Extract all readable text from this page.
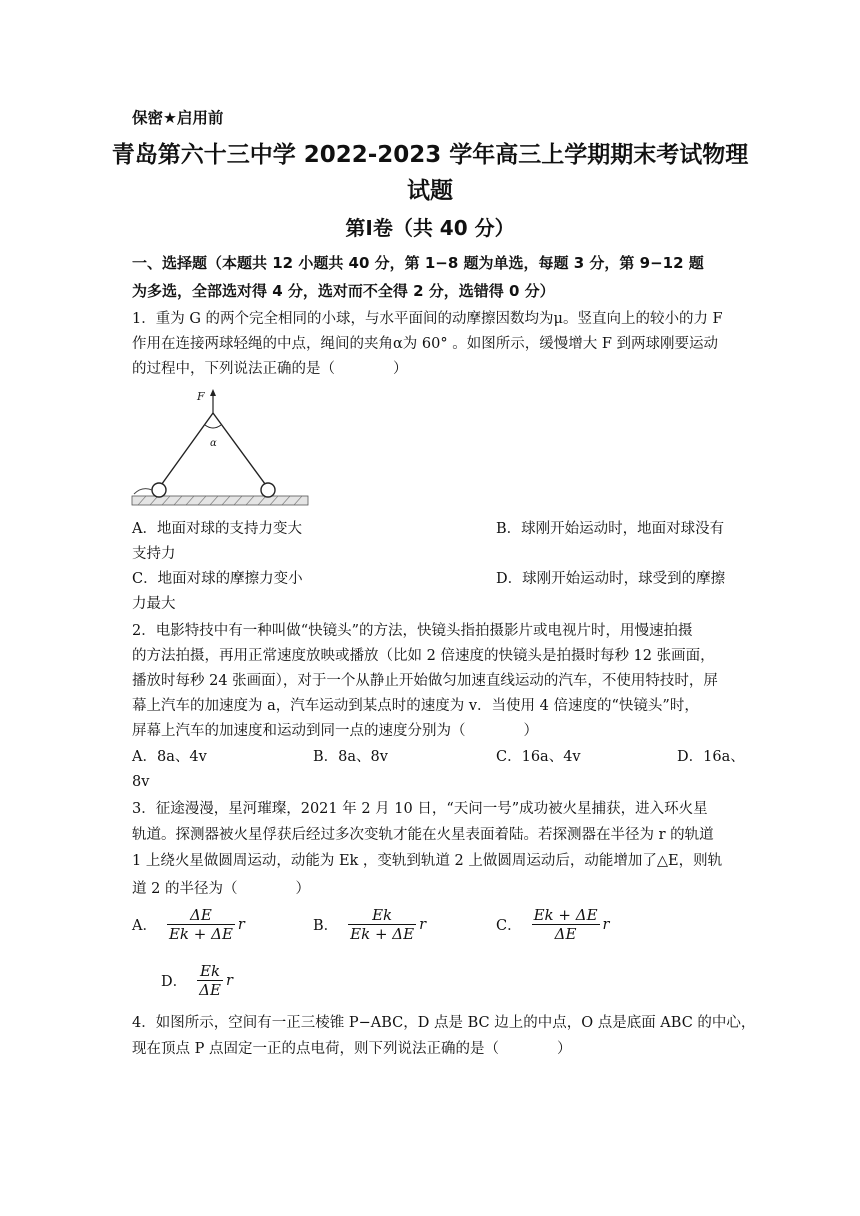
保密★启用前
青岛第六十三中学 2022-2023 学年高三上学期期末考试物理
试题
第Ⅰ卷（共 40 分）
一、选择题（本题共 12 小题共 40 分，第 1−8 题为单选，每题 3 分，第 9−12 题
为多选，全部选对得 4 分，选对而不全得 2 分，选错得 0 分）
1．重为 G 的两个完全相同的小球，与水平面间的动摩擦因数均为μ。竖直向上的较小的力 F
作用在连接两球轻绳的中点，绳间的夹角α为 60° 。如图所示，缓慢增大 F 到两球刚要运动
的过程中，下列说法正确的是（　　　　）
F
α
A．地面对球的支持力变大	B．球刚开始运动时，地面对球没有
支持力
C．地面对球的摩擦力变小	D．球刚开始运动时，球受到的摩擦
力最大
2．电影特技中有一种叫做“快镜头”的方法，快镜头指拍摄影片或电视片时，用慢速拍摄
的方法拍摄，再用正常速度放映或播放（比如 2 倍速度的快镜头是拍摄时每秒 12 张画面，
播放时每秒 24 张画面），对于一个从静止开始做匀加速直线运动的汽车，不使用特技时，屏
幕上汽车的加速度为 a，汽车运动到某点时的速度为 v．当使用 4 倍速度的“快镜头”时，
屏幕上汽车的加速度和运动到同一点的速度分别为（　　　　）
A．8a、4v	B．8a、8v	C．16a、4v	D．16a、
8v
3．征途漫漫，星河璀璨，2021 年 2 月 10 日，“天问一号”成功被火星捕获，进入环火星
轨道。探测器被火星俘获后经过多次变轨才能在火星表面着陆。若探测器在半径为 r 的轨道
1 上绕火星做圆周运动，动能为 Ek ，变轨到轨道 2 上做圆周运动后，动能增加了△E，则轨
道 2 的半径为（　　　　）
A． $\frac{\Delta E}{Ek + \Delta E}$ r	B． $\frac{Ek}{Ek + \Delta E}$ r	C． $\frac{Ek + \Delta E}{\Delta E}$ r
D． $\frac{Ek}{\Delta E}$ r
4．如图所示，空间有一正三棱锥 P−ABC，D 点是 BC 边上的中点，O 点是底面 ABC 的中心，
现在顶点 P 点固定一正的点电荷，则下列说法正确的是（　　　　）
